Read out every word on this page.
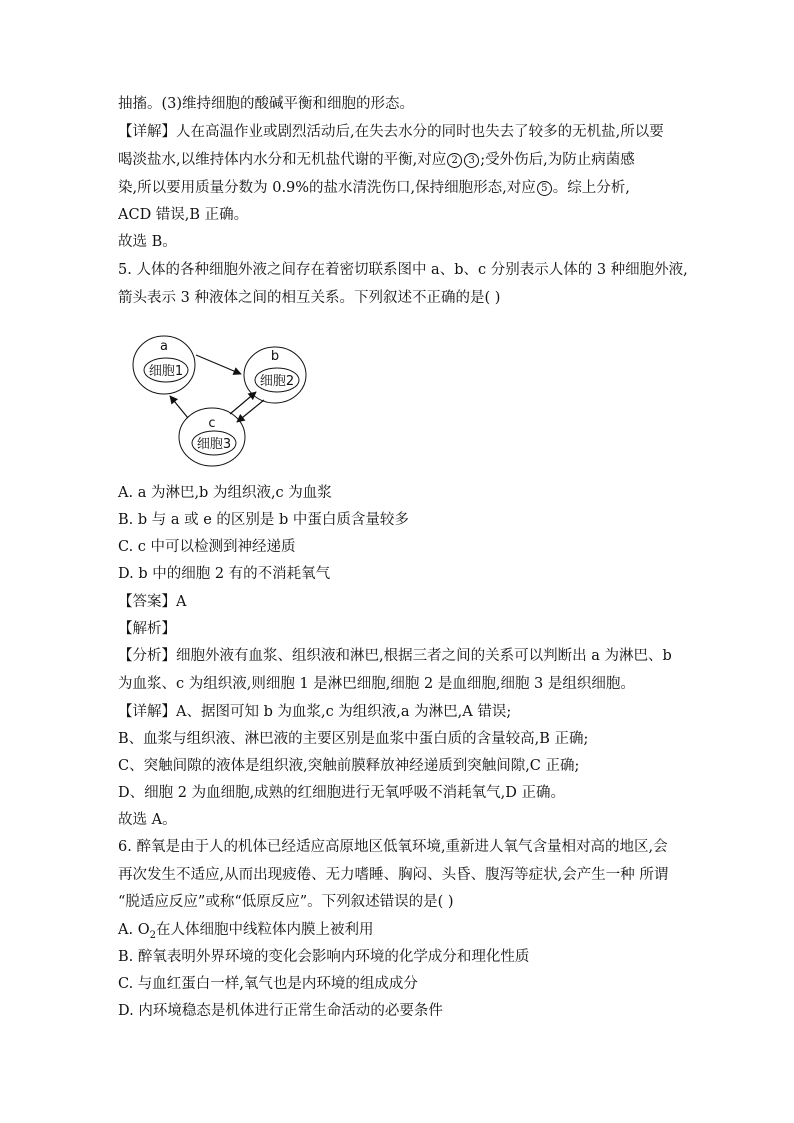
抽搐。(3)维持细胞的酸碱平衡和细胞的形态。
【详解】人在高温作业或剧烈活动后,在失去水分的同时也失去了较多的无机盐,所以要
喝淡盐水,以维持体内水分和无机盐代谢的平衡,对应 2 3 ;受外伤后,为防止病菌感
染,所以要用质量分数为 0.9%的盐水清洗伤口,保持细胞形态,对应 5 。综上分析,
ACD 错误,B 正确。
故选 B。
5. 人体的各种细胞外液之间存在着密切联系图中 a、b、c 分别表示人体的 3 种细胞外液,
箭头表示 3 种液体之间的相互关系。下列叙述不正确的是( )
a
细胞1
b
细胞2
c
细胞3
A. a 为淋巴,b 为组织液,c 为血浆
B. b 与 a 或 e 的区别是 b 中蛋白质含量较多
C. c 中可以检测到神经递质
D. b 中的细胞 2 有的不消耗氧气
【答案】A
【解析】
【分析】细胞外液有血浆、组织液和淋巴,根据三者之间的关系可以判断出 a 为淋巴、b
为血浆、c 为组织液,则细胞 1 是淋巴细胞,细胞 2 是血细胞,细胞 3 是组织细胞。
【详解】A、据图可知 b 为血浆,c 为组织液,a 为淋巴,A 错误;
B、血浆与组织液、淋巴液的主要区别是血浆中蛋白质的含量较高,B 正确;
C、突触间隙的液体是组织液,突触前膜释放神经递质到突触间隙,C 正确;
D、细胞 2 为血细胞,成熟的红细胞进行无氧呼吸不消耗氧气,D 正确。
故选 A。
6. 醉氧是由于人的机体已经适应高原地区低氧环境,重新进人氧气含量相对高的地区,会
再次发生不适应,从而出现疲倦、无力嗜睡、胸闷、头昏、腹泻等症状,会产生一种 所谓
“脱适应反应”或称“低原反应”。下列叙述错误的是( )
A. $O_2$在人体细胞中线粒体内膜上被利用
B. 醉氧表明外界环境的变化会影响内环境的化学成分和理化性质
C. 与血红蛋白一样,氧气也是内环境的组成成分
D. 内环境稳态是机体进行正常生命活动的必要条件
